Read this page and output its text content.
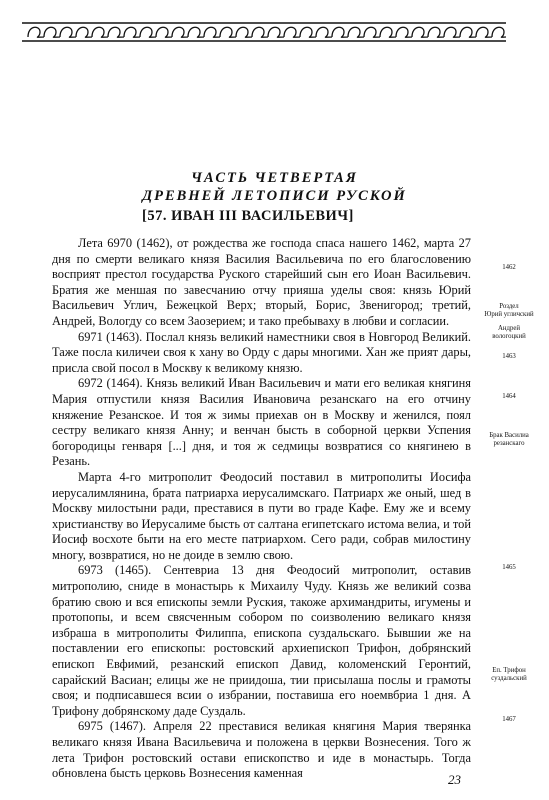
ЧАСТЬ ЧЕТВЕРТАЯ
ДРЕВНЕЙ ЛЕТОПИСИ РУСКОЙ
[57. ИВАН III ВАСИЛЬЕВИЧ]

Лета 6970 (1462), от рождества же господа спаса нашего 1462, марта 27 дня по смерти великаго князя Василия Васильевича по его благословению восприят престол государства Руского старейший сын его Иоан Васильевич. Братия же меншая по завесчанию отчу прияша уделы своя: князь Юрий Васильевич Углич, Бежецкой Верх; вторый, Борис, Звенигород; третий, Андрей, Вологду со всем Заозерием; и тако пребываху в любви и согласии.

6971 (1463). Послал князь великий наместники своя в Новгород Великий. Таже посла киличеи своя к хану во Орду с дары многими. Хан же прият дары, присла свой посол в Москву к великому князю.

6972 (1464). Князь великий Иван Васильевич и мати его великая княгиня Мария отпустили князя Василия Ивановича резанскаго на его отчину княжение Резанское. И тоя ж зимы приехав он в Москву и женился, поял сестру великаго князя Анну; и венчан бысть в соборной церкви Успения богородицы генваря [...] дня, и тоя ж седмицы возвратися со княгинею в Резань.

Марта 4-го митрополит Феодосий поставил в митрополиты Иосифа иерусалимлянина, брата патриарха иерусалимскаго. Патриарх же оный, шед в Москву милостыни ради, преставися в пути во граде Кафе. Ему же и всему христианству во Иерусалиме бысть от салтана египетскаго истома велиа, и той Иосиф восхоте быти на его месте патриархом. Сего ради, собрав милостину многу, возвратися, но не доиде в землю свою.

6973 (1465). Сентевриа 13 дня Феодосий митрополит, оставив митрополию, сниде в монастырь к Михаилу Чуду. Князь же великий созва братию свою и вся епископы земли Руския, такоже архимандриты, игумены и протопопы, и всем свясченным собором по соизволению великаго князя избраша в митрополиты Филиппа, епископа суздальскаго. Бывшии же на поставлении его епископы: ростовский архиепископ Трифон, добрянский епископ Евфимий, резанский епископ Давид, коломенский Геронтий, сарайский Васиан; елицы же не приидоша, тии присылаша послы и грамоты своя; и подписавшеся всии о избрании, поставиша его ноемвбриа 1 дня. А Трифону добрянскому даде Суздаль.

6975 (1467). Апреля 22 преставися великая княгиня Мария тверянка великаго князя Ивана Васильевича и положена в церкви Вознесения. Того ж лета Трифон ростовский остави епископство и иде в монастырь. Тогда обновлена бысть церковь Вознесения каменная

1462
Роздел
Юрий угличский
Андрей
вологоцкий
1463
1464
Брак Василиа
резанскаго
1465
Еп. Трифон
суздальский
1467
23
